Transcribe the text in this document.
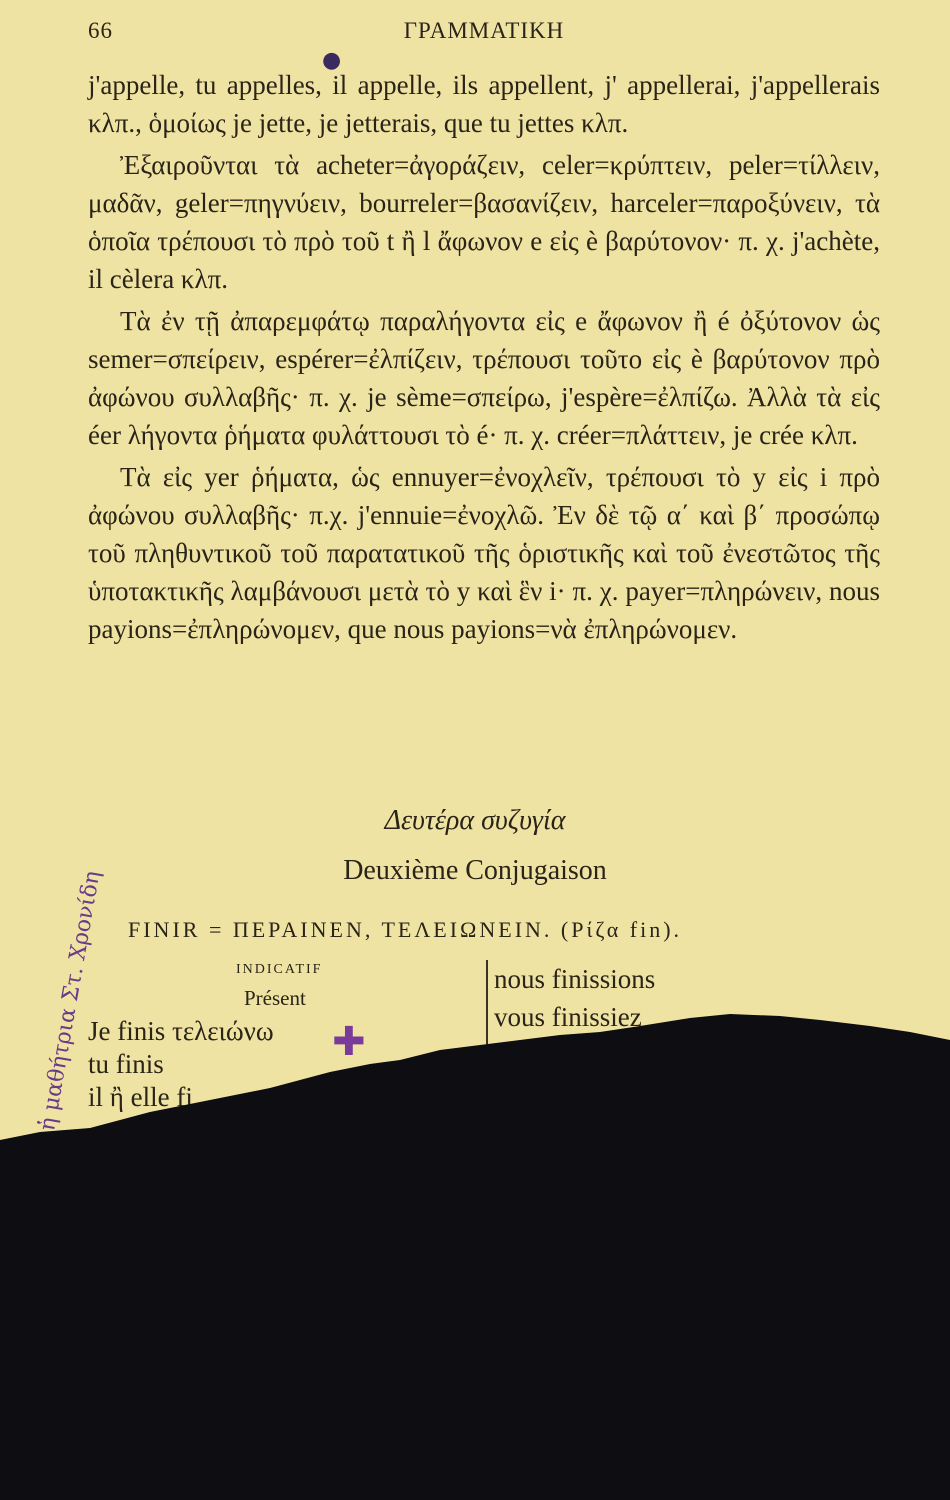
66	ΓΡΑΜΜΑΤΙΚΗ
●

j'appelle, tu appelles, il appelle, ils appellent, j' appellerai, j'appellerais κλπ., ὁμοίως je jette, je jetterais, que tu jettes κλπ.

Ἐξαιροῦνται τὰ acheter=ἀγοράζειν, celer=κρύπτειν, peler=τίλλειν, μαδᾶν, geler=πηγνύειν, bourreler=βασανίζειν, harceler=παροξύνειν, τὰ ὁποῖα τρέπουσι τὸ πρὸ τοῦ t ἢ l ἄφωνον e εἰς è βαρύτονον· π. χ. j'achète, il cèlera κλπ.

Τὰ ἐν τῇ ἀπαρεμφάτῳ παραλήγοντα εἰς e ἄφωνον ἢ é ὀξύτονον ὡς semer=σπείρειν, espérer=ἐλπίζειν, τρέπουσι τοῦτο εἰς è βαρύτονον πρὸ ἀφώνου συλλαβῆς· π. χ. je sème=σπείρω, j'espère=ἐλπίζω. Ἀλλὰ τὰ εἰς éer λήγοντα ῥήματα φυλάττουσι τὸ é· π. χ. créer=πλάττειν, je crée κλπ.

Τὰ εἰς yer ῥήματα, ὡς ennuyer=ἐνοχλεῖν, τρέπουσι τὸ y εἰς i πρὸ ἀφώνου συλλαβῆς· π.χ. j'ennuie=ἐνοχλῶ. Ἐν δὲ τῷ α΄ καὶ β΄ προσώπῳ τοῦ πληθυντικοῦ τοῦ παρατατικοῦ τῆς ὁριστικῆς καὶ τοῦ ἐνεστῶτος τῆς ὑποτακτικῆς λαμβάνουσι μετὰ τὸ y καὶ ἓν i· π. χ. payer=πληρώνειν, nous payions=ἐπληρώνομεν, que nous payions=νὰ ἐπληρώνομεν.

Δευτέρα συζυγία
Deuxième Conjugaison
FINIR = ΠΕΡΑΙΝΕΝ, ΤΕΛΕΙΩΝΕΙΝ. (Ρίζα fin).
INDICATIF
Présent
Je finis τελειώνω
tu finis
il ἢ elle fi
nous finissions
vous finissiez
✚
ἡ μαθήτρια Στ. Χρονίδη
